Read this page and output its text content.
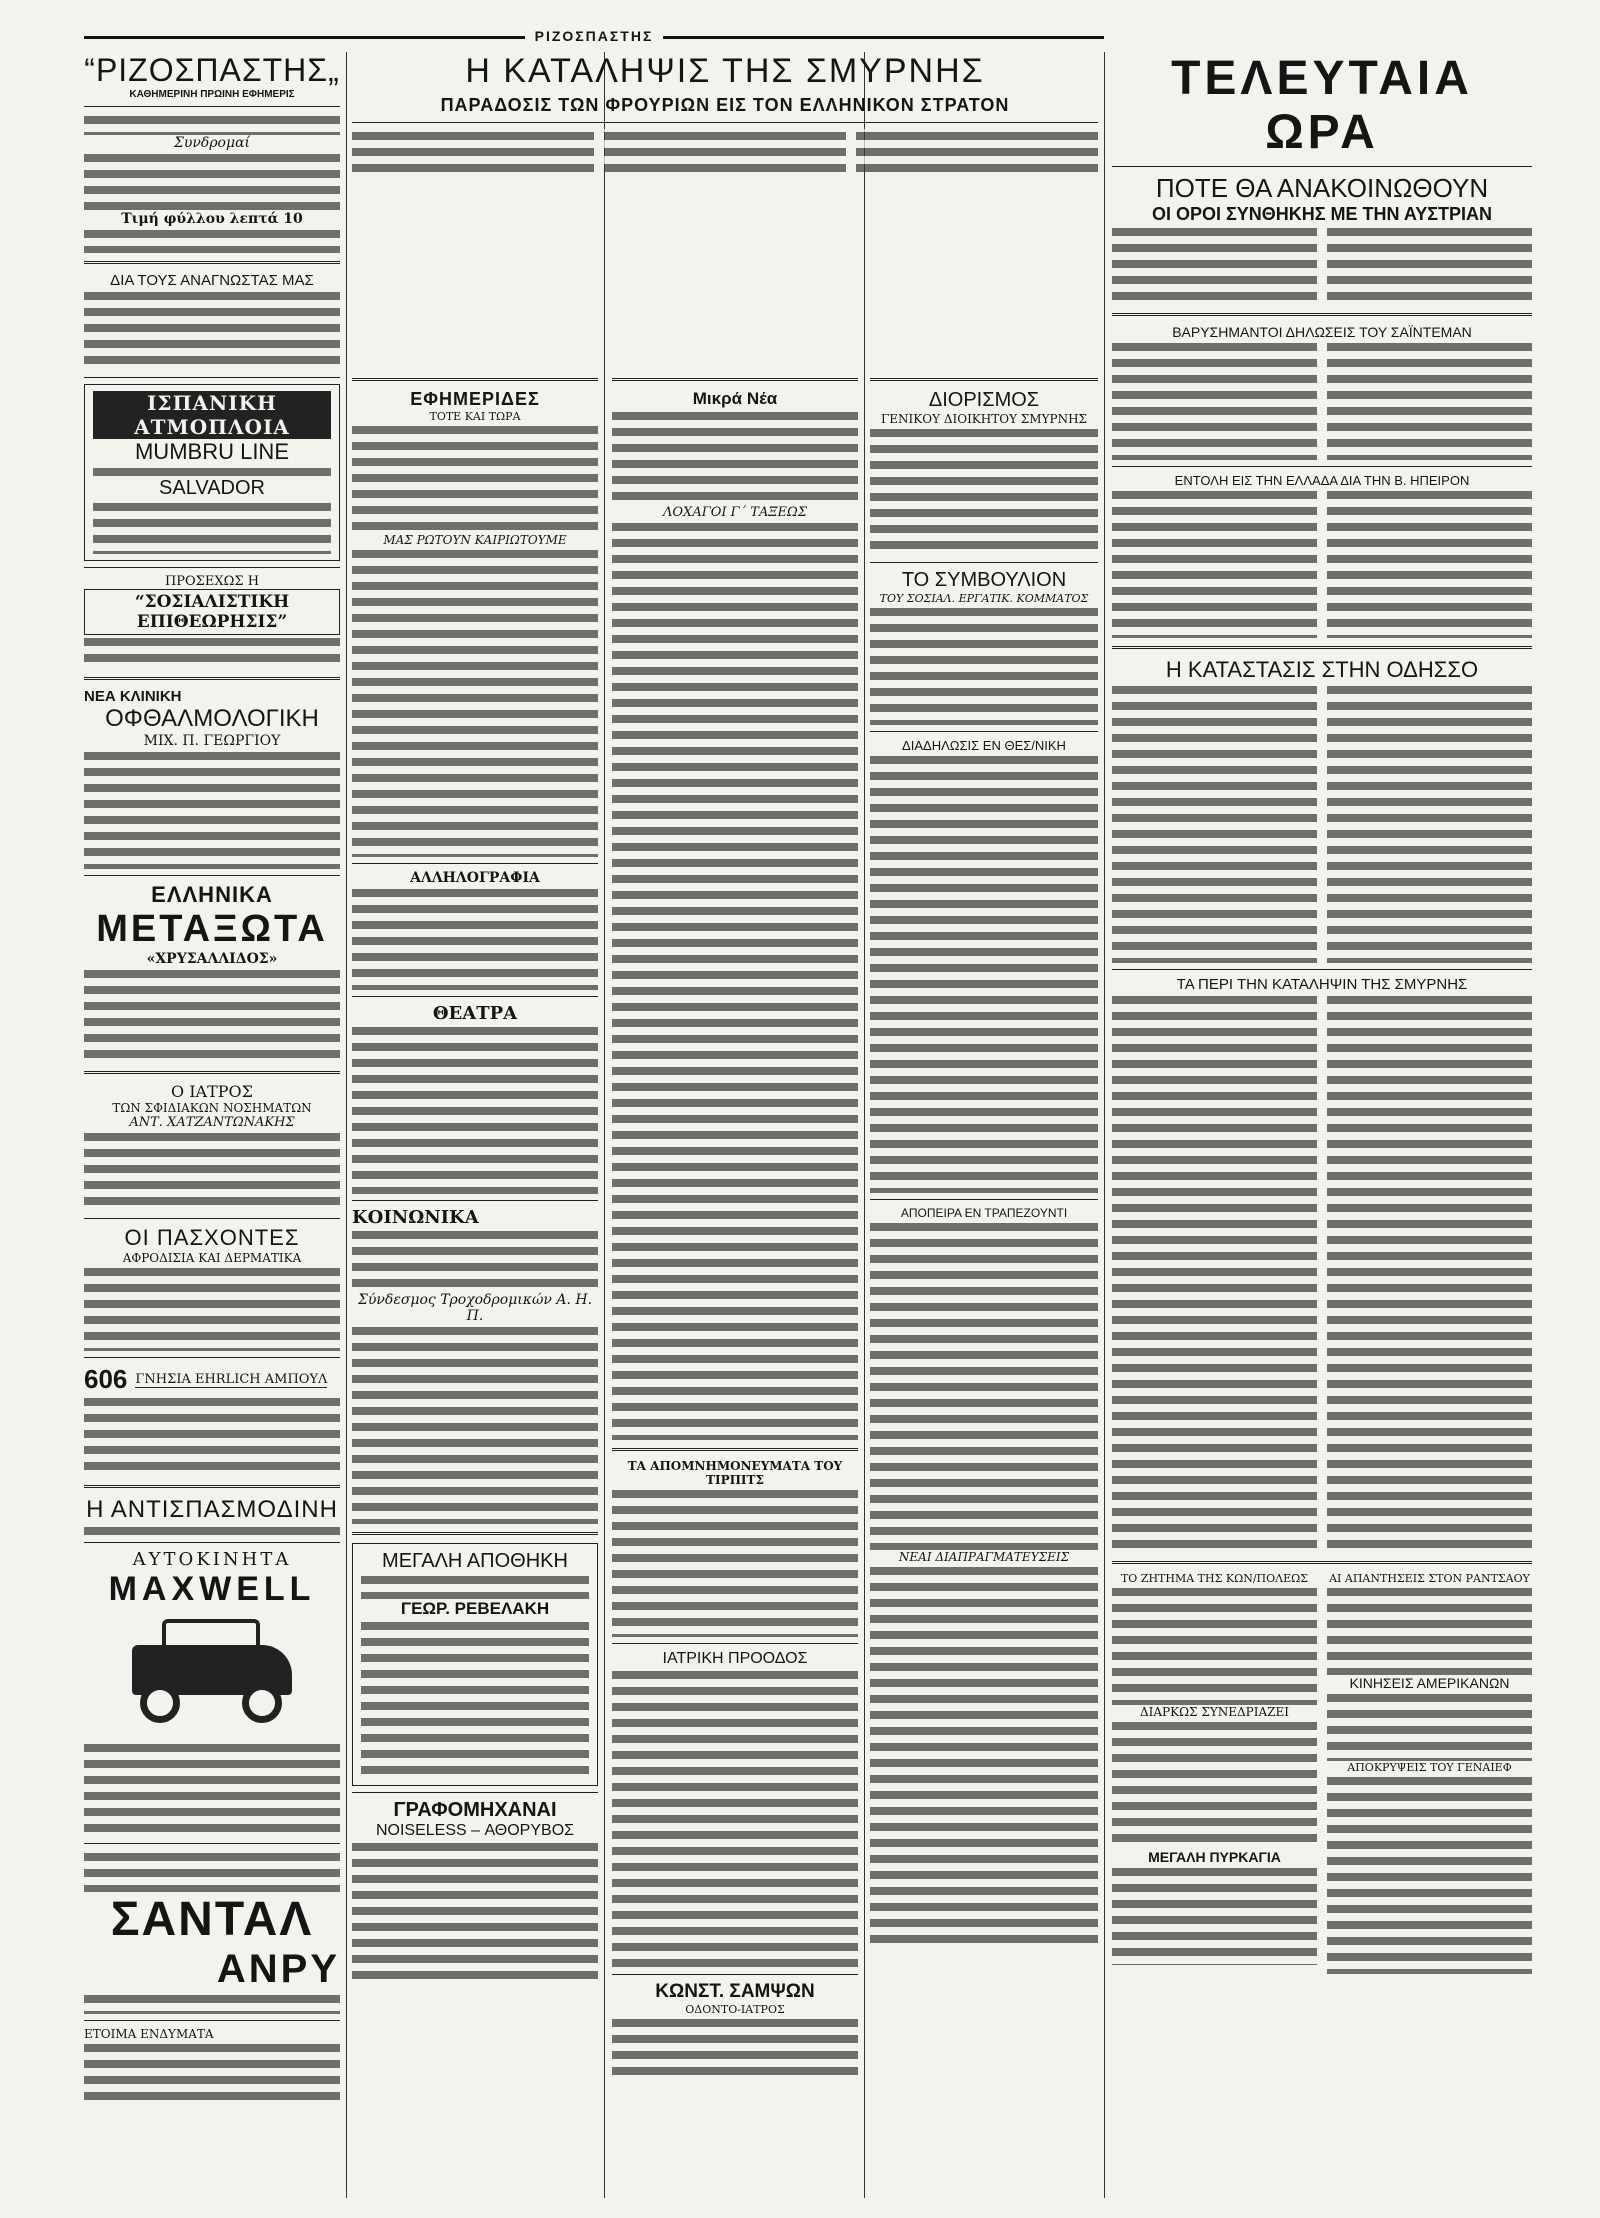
ΡΙΖΟΣΠΑΣΤΗΣ
“ΡΙΖΟΣΠΑΣΤΗΣ„
ΚΑΘΗΜΕΡΙΝΗ ΠΡΩΙΝΗ ΕΦΗΜΕΡΙΣ
Συνδρομαί
Τιμή φύλλου λεπτά 10
ΔΙΑ ΤΟΥΣ ΑΝΑΓΝΩΣΤΑΣ ΜΑΣ
ΙΣΠΑΝΙΚΗ ΑΤΜΟΠΛΟΙΑ
MUMBRU LINE
SALVADOR
ΠΡΟΣΕΧΩΣ Η
“ΣΟΣΙΑΛΙΣΤΙΚΗ ΕΠΙΘΕΩΡΗΣΙΣ”
ΝΕΑ ΚΛΙΝΙΚΗ
ΟΦΘΑΛΜΟΛΟΓΙΚΗ
ΜΙΧ. Π. ΓΕΩΡΓΙΟΥ
ΕΛΛΗΝΙΚΑ
ΜΕΤΑΞΩΤΑ
«ΧΡΥΣΑΛΛΙΔΟΣ»
Ο ΙΑΤΡΟΣ
ΤΩΝ ΣΦΙΔΙΑΚΩΝ ΝΟΣΗΜΑΤΩΝ
ΑΝΤ. ΧΑΤΖΑΝΤΩΝΑΚΗΣ
ΟΙ ΠΑΣΧΟΝΤΕΣ
ΑΦΡΟΔΙΣΙΑ ΚΑΙ ΔΕΡΜΑΤΙΚΑ
606 ΓΝΗΣΙΑ EHRLICH ΑΜΠΟΥΛ
Η ΑΝΤΙΣΠΑΣΜΟΔΙΝΗ
ΑΥΤΟΚΙΝΗΤΑ
MAXWELL
ΣΑΝΤΑΛ
ΑΝΡΥ
ΕΤΟΙΜΑ ΕΝΔΥΜΑΤΑ
Η ΚΑΤΑΛΗΨΙΣ ΤΗΣ ΣΜΥΡΝΗΣ
ΠΑΡΑΔΟΣΙΣ ΤΩΝ ΦΡΟΥΡΙΩΝ ΕΙΣ ΤΟΝ ΕΛΛΗΝΙΚΟΝ ΣΤΡΑΤΟΝ
ΕΦΗΜΕΡΙΔΕΣ
ΤΟΤΕ ΚΑΙ ΤΩΡΑ
ΜΑΣ ΡΩΤΟΥΝ ΚΑΙΡΙΩΤΟΥΜΕ
ΑΛΛΗΛΟΓΡΑΦΙΑ
ΘΕΑΤΡΑ
ΚΟΙΝΩΝΙΚΑ
Σύνδεσμος Τροχοδρομικών Α. Η. Π.
ΜΕΓΑΛΗ ΑΠΟΘΗΚΗ
ΓΕΩΡ. ΡΕΒΕΛΑΚΗ
ΓΡΑΦΟΜΗΧΑΝΑΙ
NOISELESS – ΑΘΟΡΥΒΟΣ
Μικρά Νέα
ΛΟΧΑΓΟΙ Γ΄ ΤΑΞΕΩΣ
ΤΑ ΑΠΟΜΝΗΜΟΝΕΥΜΑΤΑ ΤΟΥ ΤΙΡΠΙΤΣ
ΙΑΤΡΙΚΗ ΠΡΟΟΔΟΣ
ΚΩΝΣΤ. ΣΑΜΨΩΝ
ΟΔΟΝΤΟ-ΙΑΤΡΟΣ
ΔΙΟΡΙΣΜΟΣ
ΓΕΝΙΚΟΥ ΔΙΟΙΚΗΤΟΥ ΣΜΥΡΝΗΣ
ΤΟ ΣΥΜΒΟΥΛΙΟΝ
ΤΟΥ ΣΟΣΙΑΛ. ΕΡΓΑΤΙΚ. ΚΟΜΜΑΤΟΣ
ΔΙΑΔΗΛΩΣΙΣ ΕΝ ΘΕΣ/ΝΙΚΗ
ΑΠΟΠΕΙΡΑ ΕΝ ΤΡΑΠΕΖΟΥΝΤΙ
ΝΕΑΙ ΔΙΑΠΡΑΓΜΑΤΕΥΣΕΙΣ
ΤΕΛΕΥΤΑΙΑ ΩΡΑ
ΠΟΤΕ ΘΑ ΑΝΑΚΟΙΝΩΘΟΥΝ
ΟΙ ΟΡΟΙ ΣΥΝΘΗΚΗΣ ΜΕ ΤΗΝ ΑΥΣΤΡΙΑΝ
ΒΑΡΥΣΗΜΑΝΤΟΙ ΔΗΛΩΣΕΙΣ ΤΟΥ ΣΑΪΝΤΕΜΑΝ
ΕΝΤΟΛΗ ΕΙΣ ΤΗΝ ΕΛΛΑΔΑ ΔΙΑ ΤΗΝ Β. ΗΠΕΙΡΟΝ
Η ΚΑΤΑΣΤΑΣΙΣ ΣΤΗΝ ΟΔΗΣΣΟ
ΤΑ ΠΕΡΙ ΤΗΝ ΚΑΤΑΛΗΨΙΝ ΤΗΣ ΣΜΥΡΝΗΣ
ΤΟ ΖΗΤΗΜΑ ΤΗΣ ΚΩΝ/ΠΟΛΕΩΣ
ΔΙΑΡΚΩΣ ΣΥΝΕΔΡΙΑΖΕΙ
ΜΕΓΑΛΗ ΠΥΡΚΑΓΙΑ
ΑΙ ΑΠΑΝΤΗΣΕΙΣ ΣΤΟΝ ΡΑΝΤΣΑΟΥ
ΚΙΝΗΣΕΙΣ ΑΜΕΡΙΚΑΝΩΝ
ΑΠΟΚΡΥΨΕΙΣ ΤΟΥ ΓΕΝΑΙΕΦ
